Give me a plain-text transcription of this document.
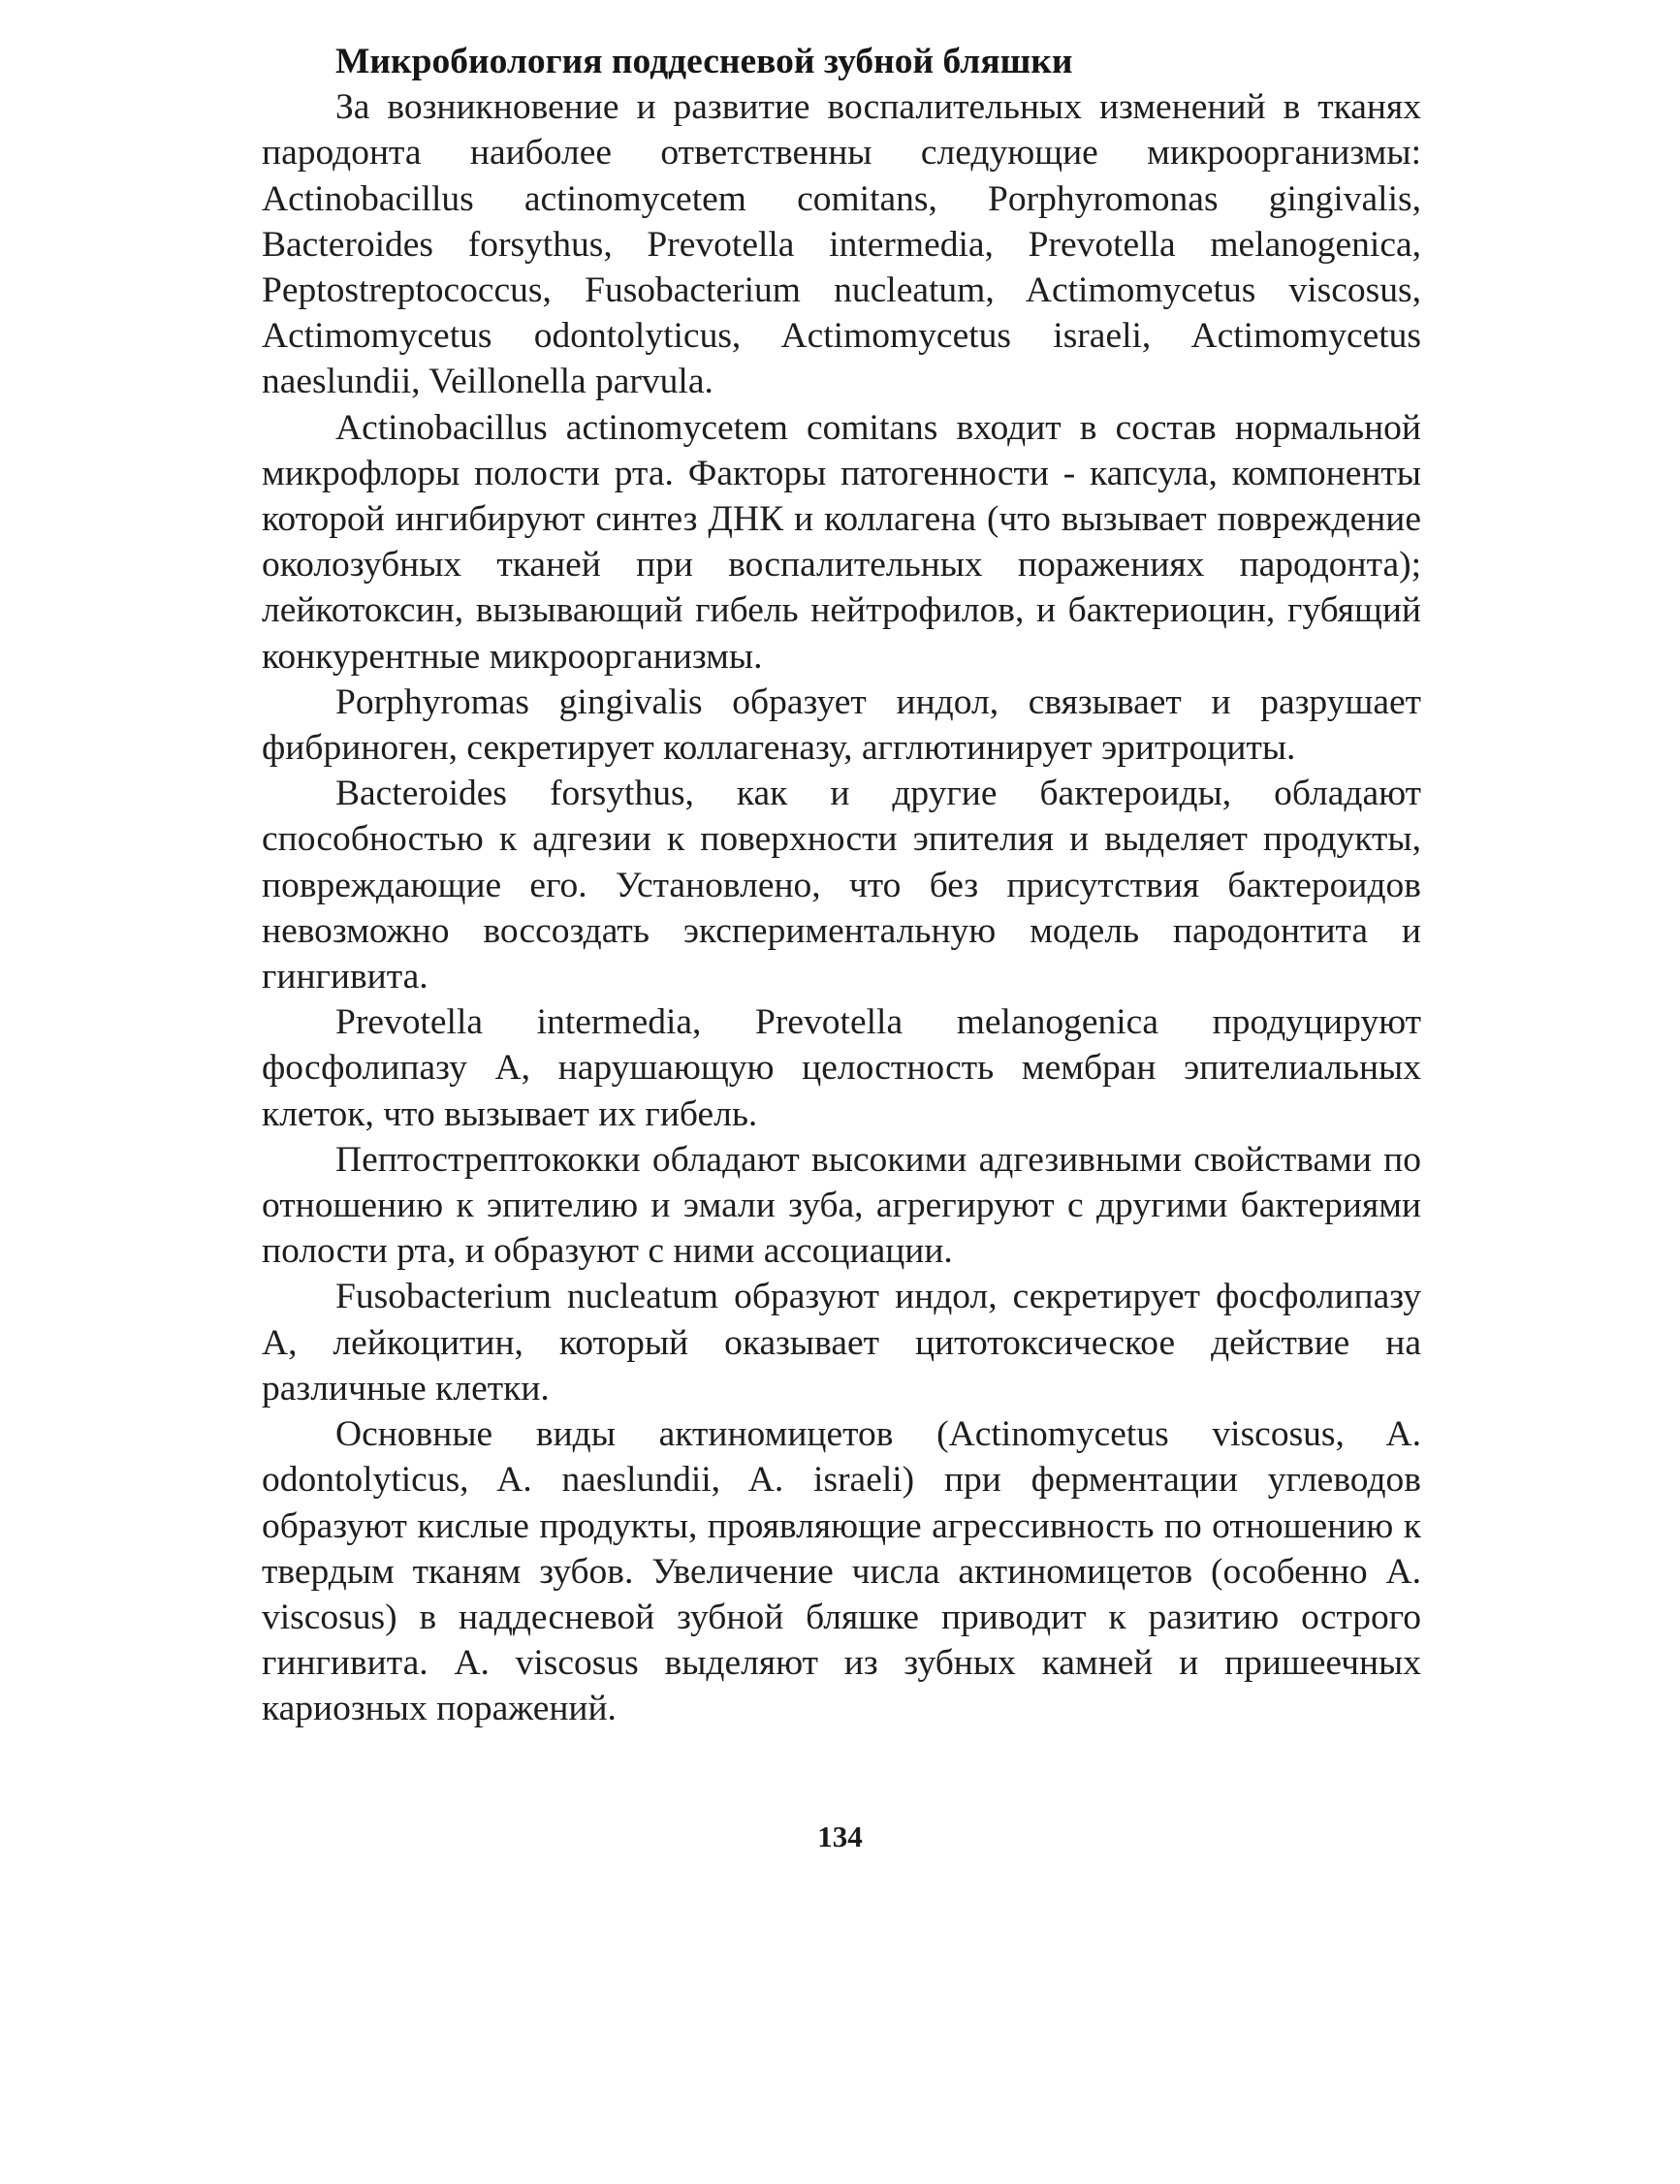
Микробиология поддесневой зубной бляшки

За возникновение и развитие воспалительных изменений в тканях пародонта наиболее ответственны следующие микроорганизмы: Actinobacillus actinomycetem comitans, Porphyromonas gingivalis, Bacteroides forsythus, Prevotella intermedia, Prevotella melanogenica, Peptostreptococcus, Fusobacterium nucleatum, Actimomycetus viscosus, Actimomycetus odontolyticus, Actimomycetus israeli, Actimomycetus naeslundii, Veillonella parvula.

Actinobacillus actinomycetem comitans входит в состав нормальной микрофлоры полости рта. Факторы патогенности - капсула, компоненты которой ингибируют синтез ДНК и коллагена (что вызывает повреждение околозубных тканей при воспалительных поражениях пародонта); лейкотоксин, вызывающий гибель нейтрофилов, и бактериоцин, губящий конкурентные микроорганизмы.

Porphyromas gingivalis образует индол, связывает и разрушает фибриноген, секретирует коллагеназу, агглютинирует эритроциты.

Bacteroides forsythus, как и другие бактероиды, обладают способностью к адгезии к поверхности эпителия и выделяет продукты, повреждающие его. Установлено, что без присутствия бактероидов невозможно воссоздать экспериментальную модель пародонтита и гингивита.

Prevotella intermedia, Prevotella melanogenica продуцируют фосфолипазу А, нарушающую целостность мембран эпителиальных клеток, что вызывает их гибель.

Пептострептококки обладают высокими адгезивными свойствами по отношению к эпителию и эмали зуба, агрегируют с другими бактериями полости рта, и образуют с ними ассоциации.

Fusobacterium nucleatum образуют индол, секретирует фосфолипазу А, лейкоцитин, который оказывает цитотоксическое действие на различные клетки.

Основные виды актиномицетов (Actinomycetus viscosus, A. odontolyticus, A. naeslundii, A. israeli) при ферментации углеводов образуют кислые продукты, проявляющие агрессивность по отношению к твердым тканям зубов. Увеличение числа актиномицетов (особенно A. viscosus) в наддесневой зубной бляшке приводит к разитию острого гингивита. A. viscosus выделяют из зубных камней и пришеечных кариозных поражений.

134
